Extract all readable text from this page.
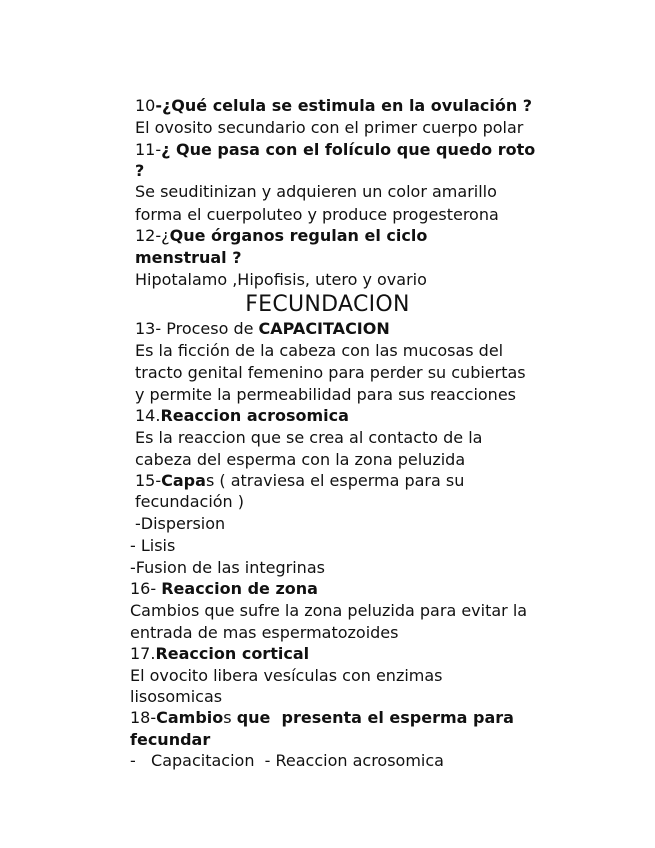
10-¿Qué celula se estimula en la ovulación ?
El ovosito secundario con el primer cuerpo polar
11-¿ Que pasa con el folículo que quedo roto
?
Se seuditinizan y adquieren un color amarillo
forma el cuerpoluteo y produce progesterona
12-¿Que órganos regulan el ciclo
menstrual ?
Hipotalamo ,Hipofisis, utero y ovario
FECUNDACION
13- Proceso de CAPACITACION
Es la ficción de la cabeza con las mucosas del
tracto genital femenino para perder su cubiertas
y permite la permeabilidad para sus reacciones
14.Reaccion acrosomica
Es la reaccion que se crea al contacto de la
cabeza del esperma con la zona peluzida
15-Capas ( atraviesa el esperma para su
fecundación )
-Dispersion
- Lisis
-Fusion de las integrinas
16- Reaccion de zona
Cambios que sufre la zona peluzida para evitar la
entrada de mas espermatozoides
17.Reaccion cortical
El ovocito libera vesículas con enzimas
lisosomicas
18-Cambios que  presenta el esperma para
fecundar
-   Capacitacion  - Reaccion acrosomica
